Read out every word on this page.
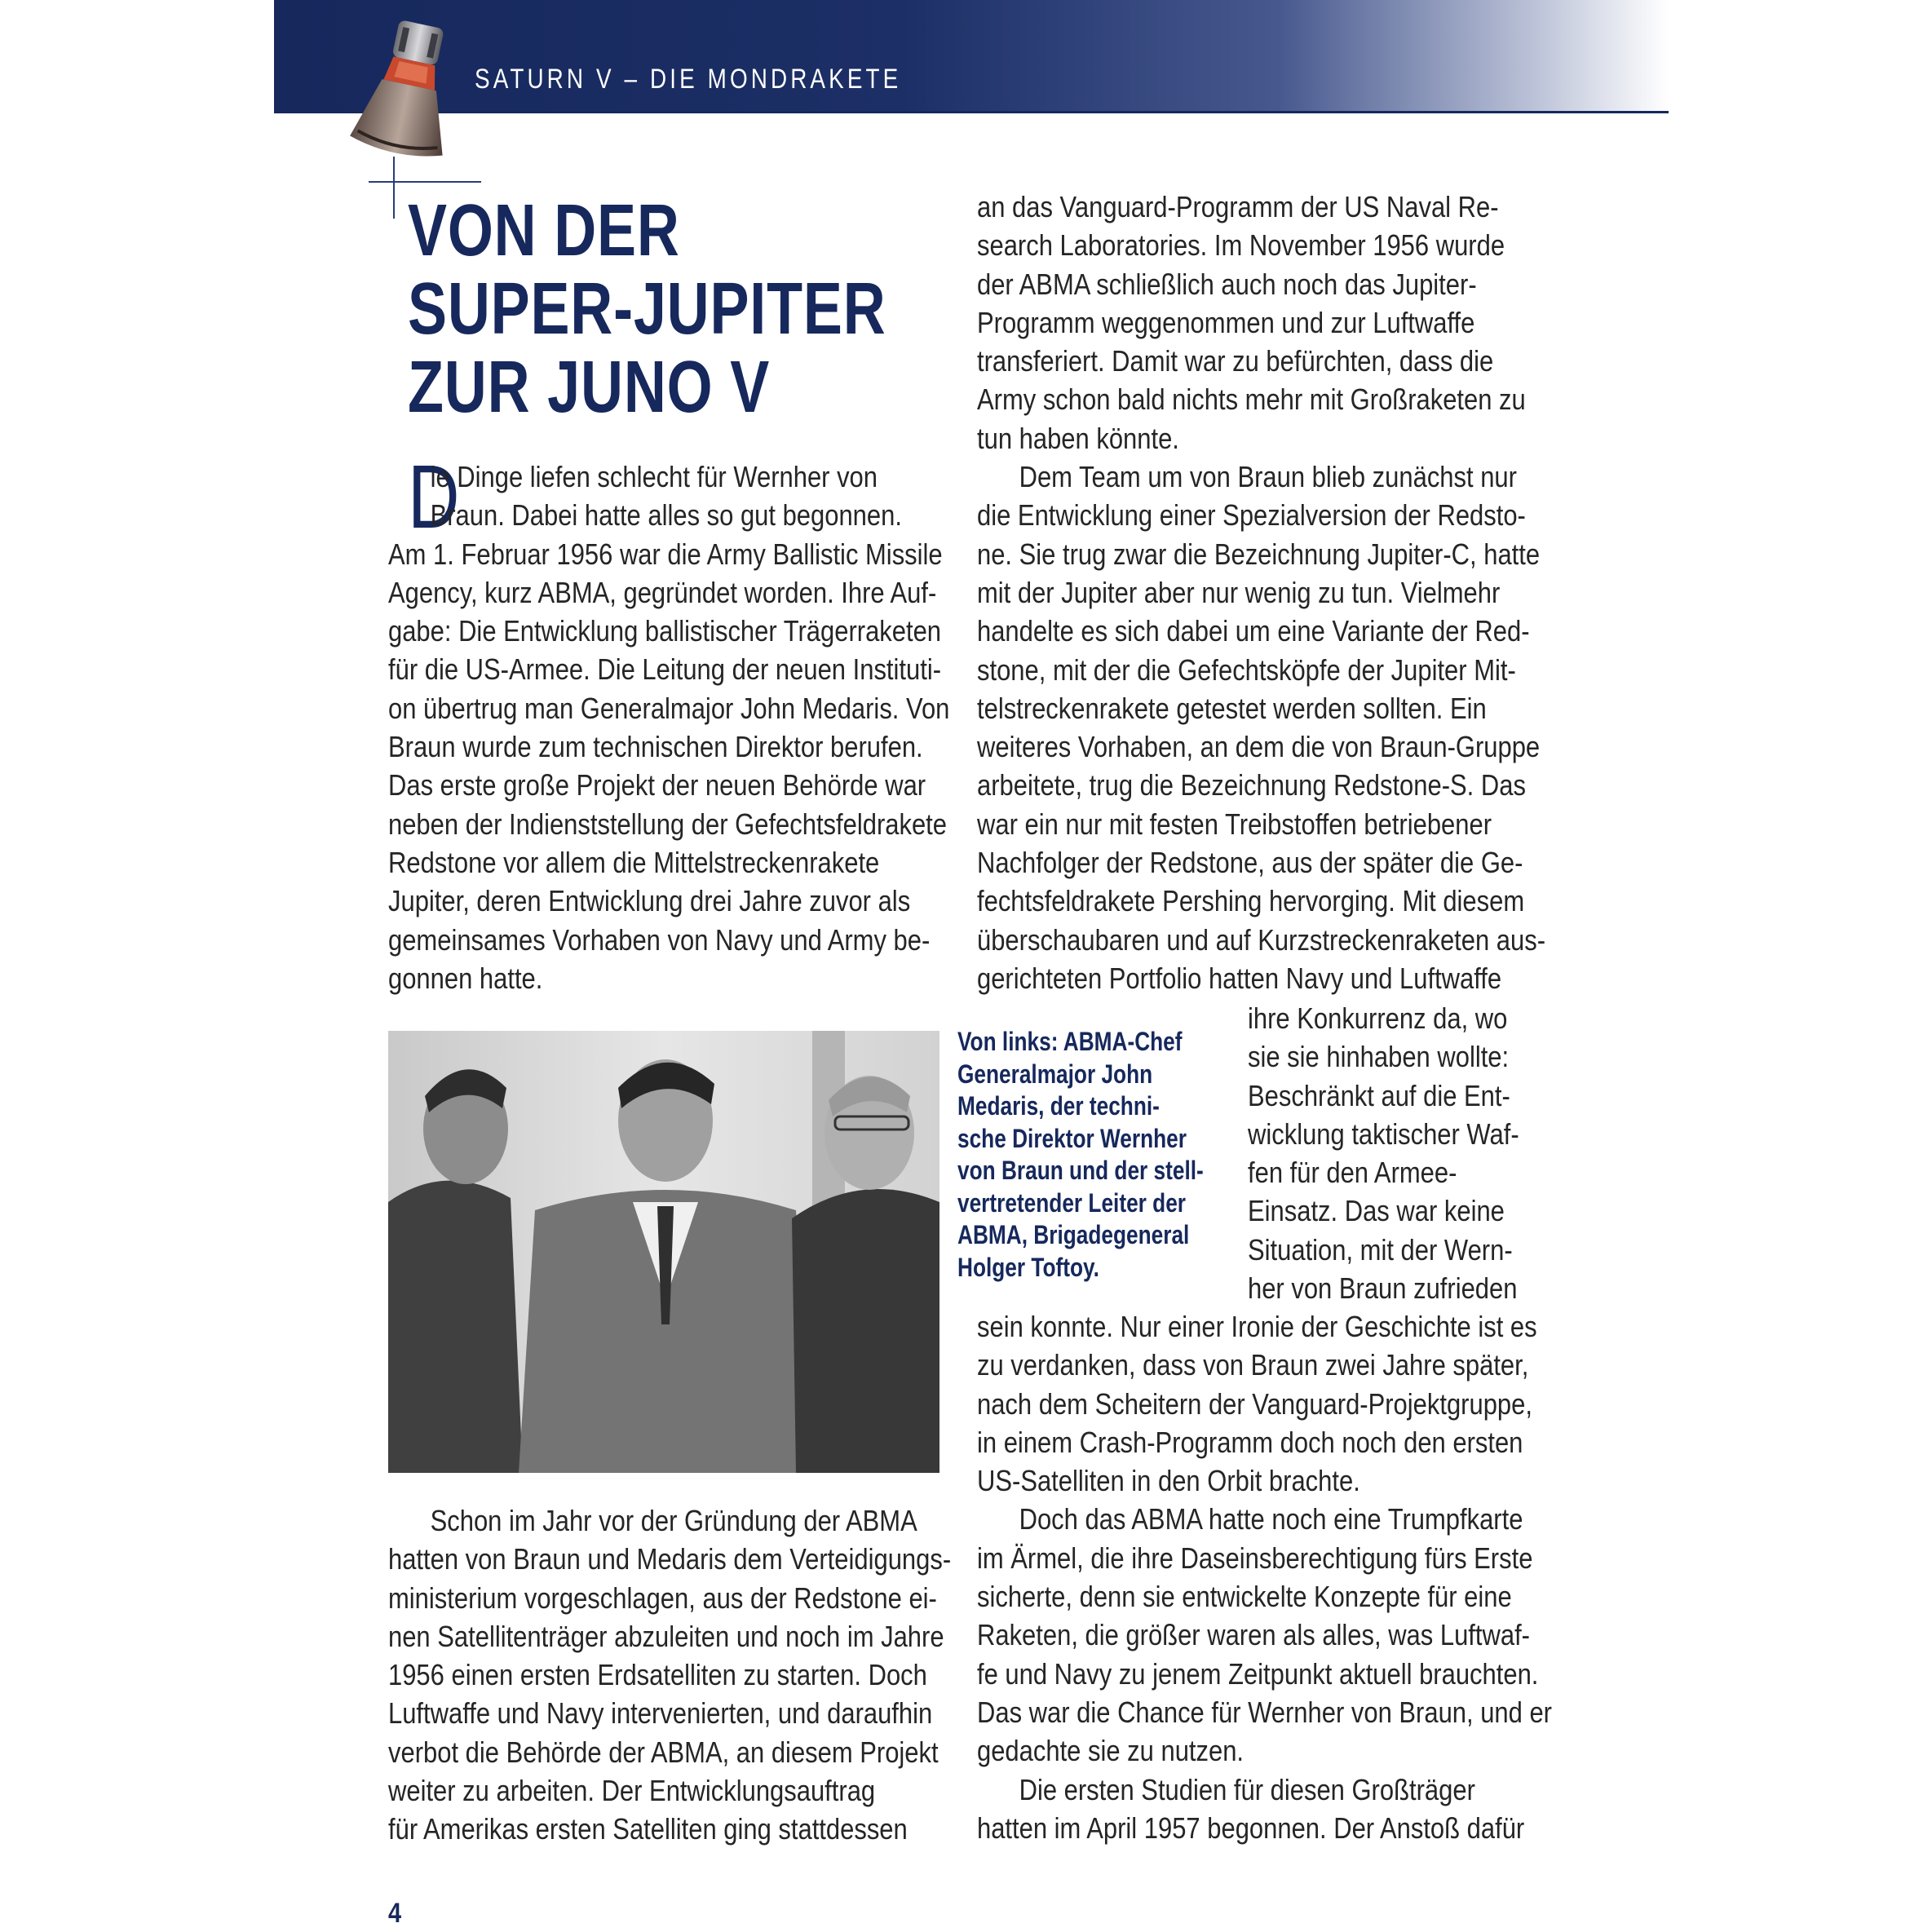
SATURN V – DIE MONDRAKETE
VON DER
SUPER-JUPITER
ZUR JUNO V
D
ie Dinge liefen schlecht für Wernher von
Braun. Dabei hatte alles so gut begonnen.
Am 1. Februar 1956 war die Army Ballistic Missile
Agency, kurz ABMA, gegründet worden. Ihre Auf-
gabe: Die Entwicklung ballistischer Trägerraketen
für die US-Armee. Die Leitung der neuen Instituti-
on übertrug man Generalmajor John Medaris. Von
Braun wurde zum technischen Direktor berufen.
Das erste große Projekt der neuen Behörde war
neben der Indienststellung der Gefechtsfeldrakete
Redstone vor allem die Mittelstreckenrakete
Jupiter, deren Entwicklung drei Jahre zuvor als
gemeinsames Vorhaben von Navy und Army be-
gonnen hatte.
Von links: ABMA-Chef
Generalmajor John
Medaris, der techni-
sche Direktor Wernher
von Braun und der stell-
vertretender Leiter der
ABMA, Brigadegeneral
Holger Toftoy.
Schon im Jahr vor der Gründung der ABMA
hatten von Braun und Medaris dem Verteidigungs-
ministerium vorgeschlagen, aus der Redstone ei-
nen Satellitenträger abzuleiten und noch im Jahre
1956 einen ersten Erdsatelliten zu starten. Doch
Luftwaffe und Navy intervenierten, und daraufhin
verbot die Behörde der ABMA, an diesem Projekt
weiter zu arbeiten. Der Entwicklungsauftrag
für Amerikas ersten Satelliten ging stattdessen
an das Vanguard-Programm der US Naval Re-
search Laboratories. Im November 1956 wurde
der ABMA schließlich auch noch das Jupiter-
Programm weggenommen und zur Luftwaffe
transferiert. Damit war zu befürchten, dass die
Army schon bald nichts mehr mit Großraketen zu
tun haben könnte.
Dem Team um von Braun blieb zunächst nur
die Entwicklung einer Spezialversion der Redsto-
ne. Sie trug zwar die Bezeichnung Jupiter-C, hatte
mit der Jupiter aber nur wenig zu tun. Vielmehr
handelte es sich dabei um eine Variante der Red-
stone, mit der die Gefechtsköpfe der Jupiter Mit-
telstreckenrakete getestet werden sollten. Ein
weiteres Vorhaben, an dem die von Braun-Gruppe
arbeitete, trug die Bezeichnung Redstone-S. Das
war ein nur mit festen Treibstoffen betriebener
Nachfolger der Redstone, aus der später die Ge-
fechtsfeldrakete Pershing hervorging. Mit diesem
überschaubaren und auf Kurzstreckenraketen aus-
gerichteten Portfolio hatten Navy und Luftwaffe
ihre Konkurrenz da, wo
sie sie hinhaben wollte:
Beschränkt auf die Ent-
wicklung taktischer Waf-
fen für den Armee-
Einsatz. Das war keine
Situation, mit der Wern-
her von Braun zufrieden
sein konnte. Nur einer Ironie der Geschichte ist es
zu verdanken, dass von Braun zwei Jahre später,
nach dem Scheitern der Vanguard-Projektgruppe,
in einem Crash-Programm doch noch den ersten
US-Satelliten in den Orbit brachte.
Doch das ABMA hatte noch eine Trumpfkarte
im Ärmel, die ihre Daseinsberechtigung fürs Erste
sicherte, denn sie entwickelte Konzepte für eine
Raketen, die größer waren als alles, was Luftwaf-
fe und Navy zu jenem Zeitpunkt aktuell brauchten.
Das war die Chance für Wernher von Braun, und er
gedachte sie zu nutzen.
Die ersten Studien für diesen Großträger
hatten im April 1957 begonnen. Der Anstoß dafür
4
